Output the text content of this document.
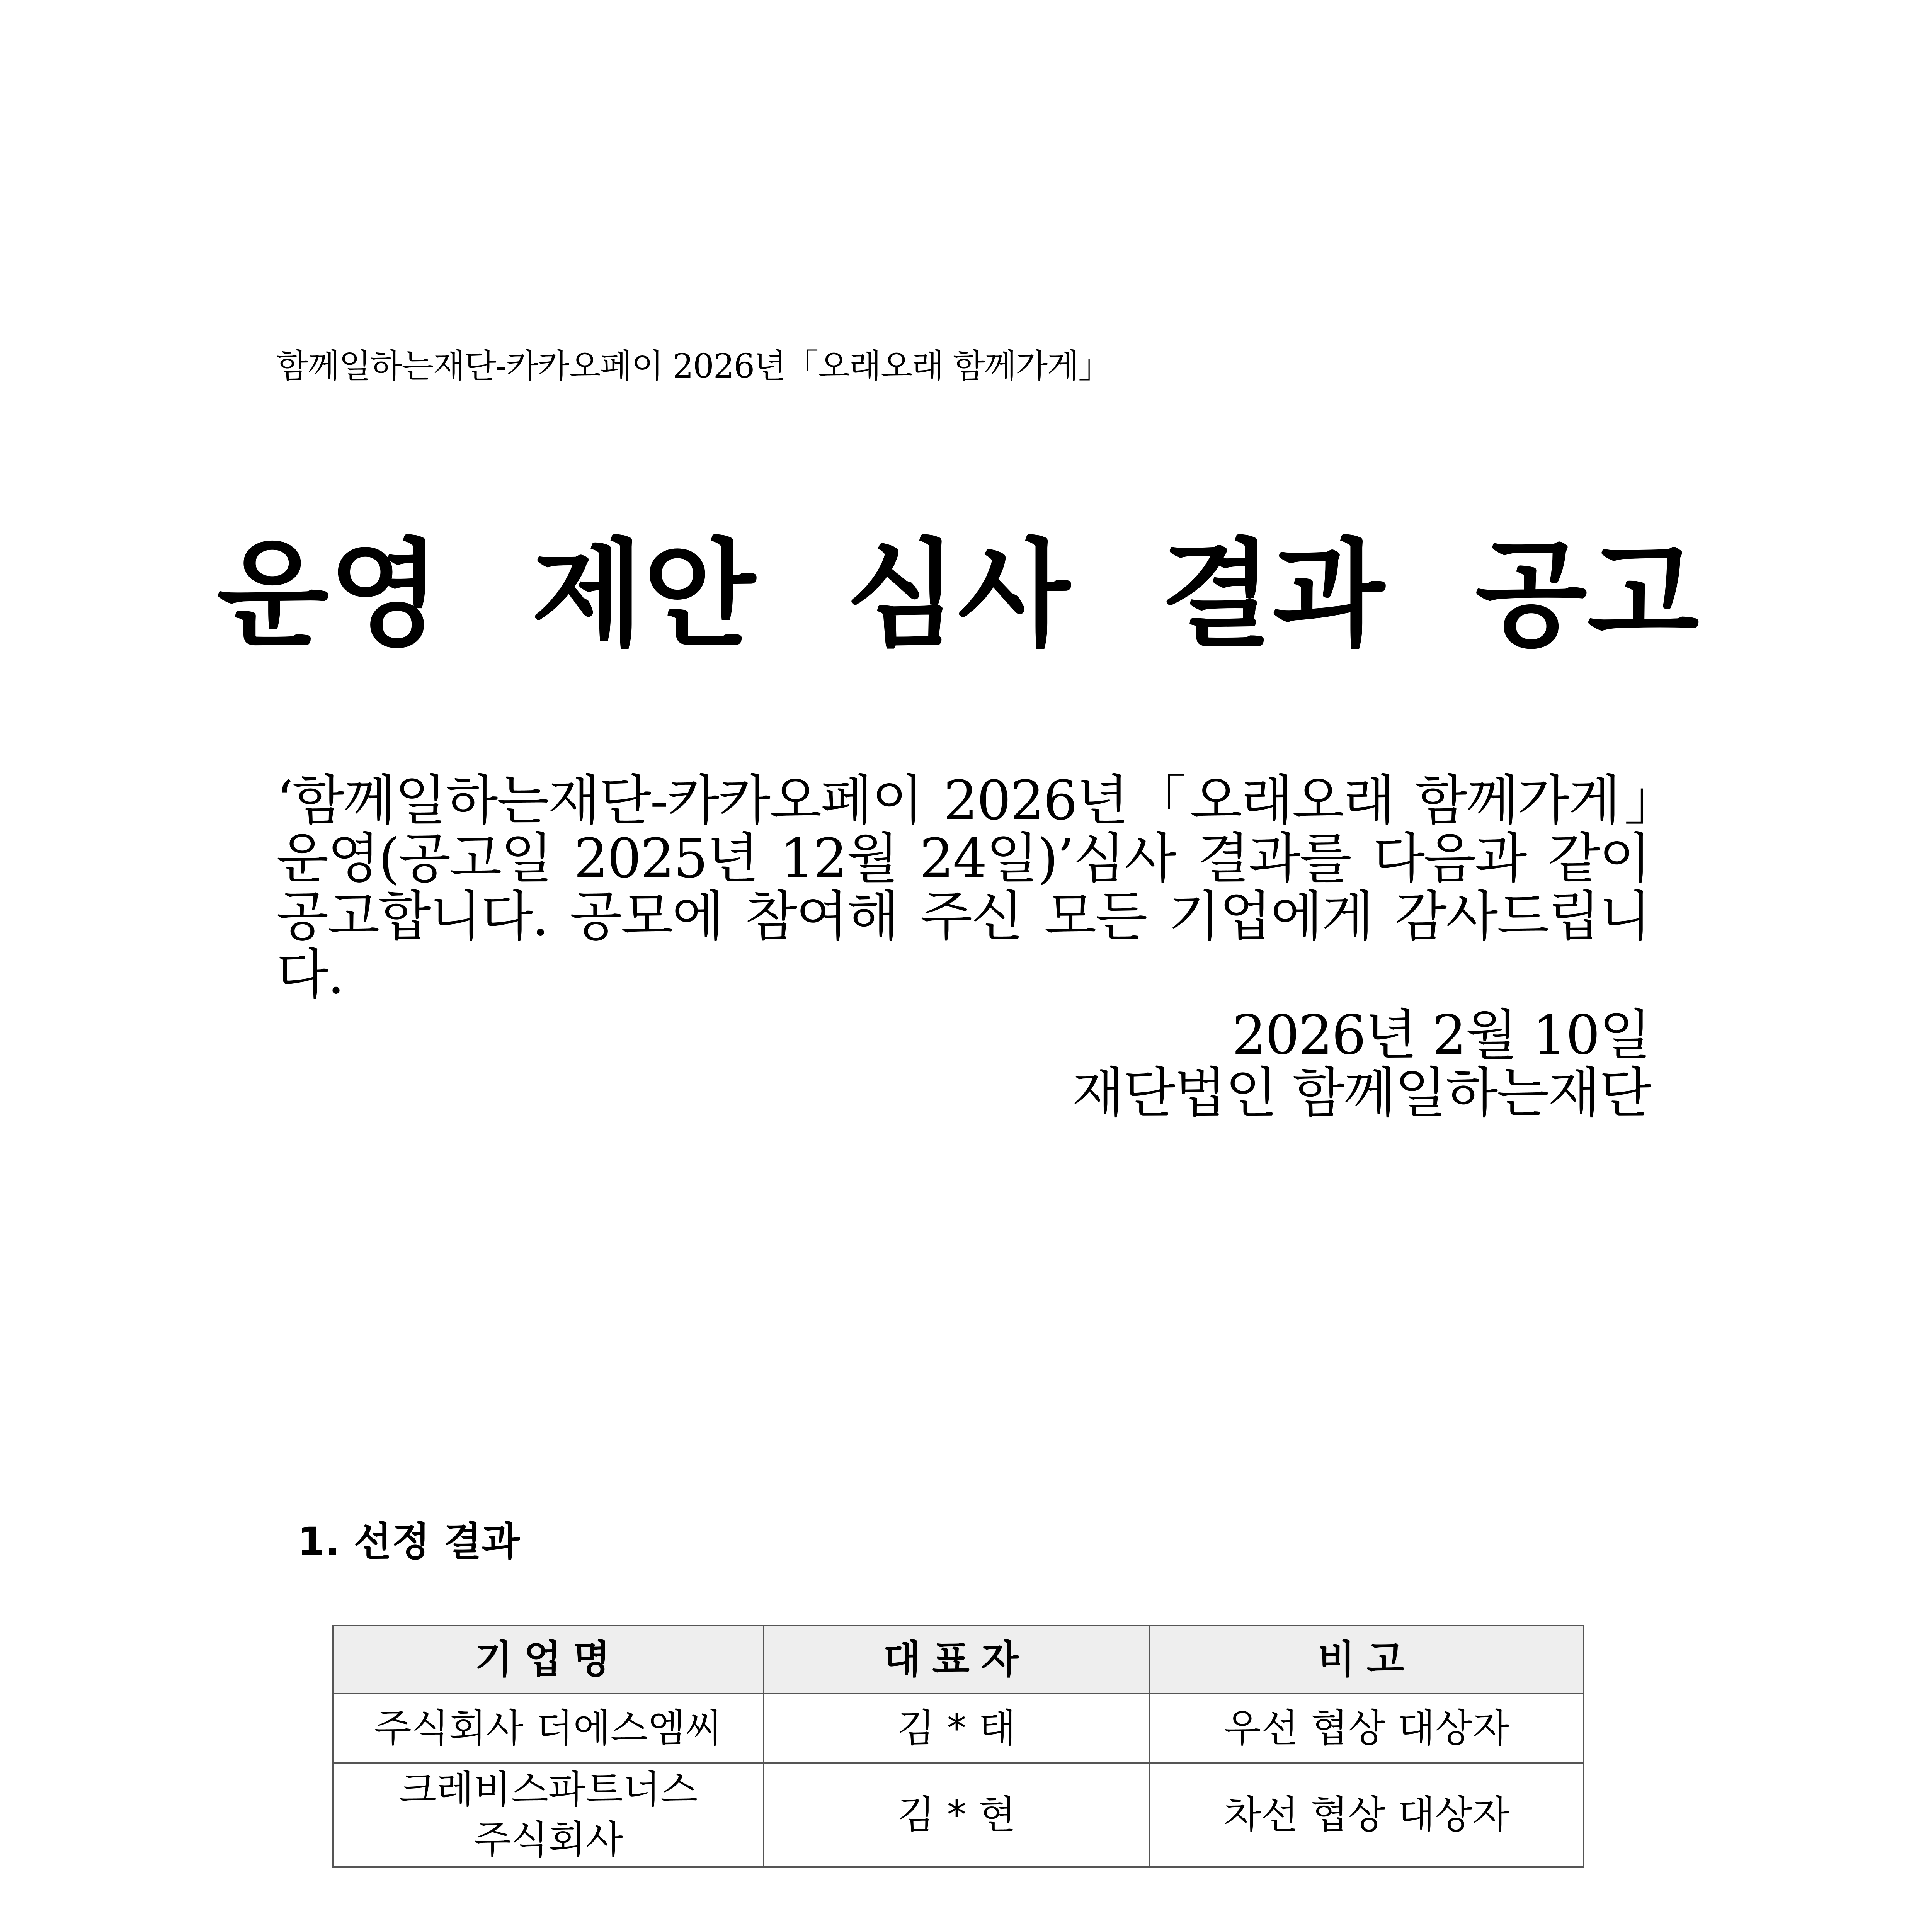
함께일하는재단-카카오페이 2026년「오래오래 함께가게」
운영 제안 심사 결과 공고

‘함께일하는재단-카카오페이 2026년「오래오래 함께가게」운영(공고일 2025년 12월 24일)’심사 결과를 다음과 같이 공고합니다. 공모에 참여해 주신 모든 기업에게 감사드립니다.

2026년 2월 10일
재단법인 함께일하는재단
1. 선정 결과
기업명	대표자	비고

주식회사 더에스엠씨	김 * 태	우선 협상 대상자

크레비스파트너스
주식회사	김 * 현	차선 협상 대상자
